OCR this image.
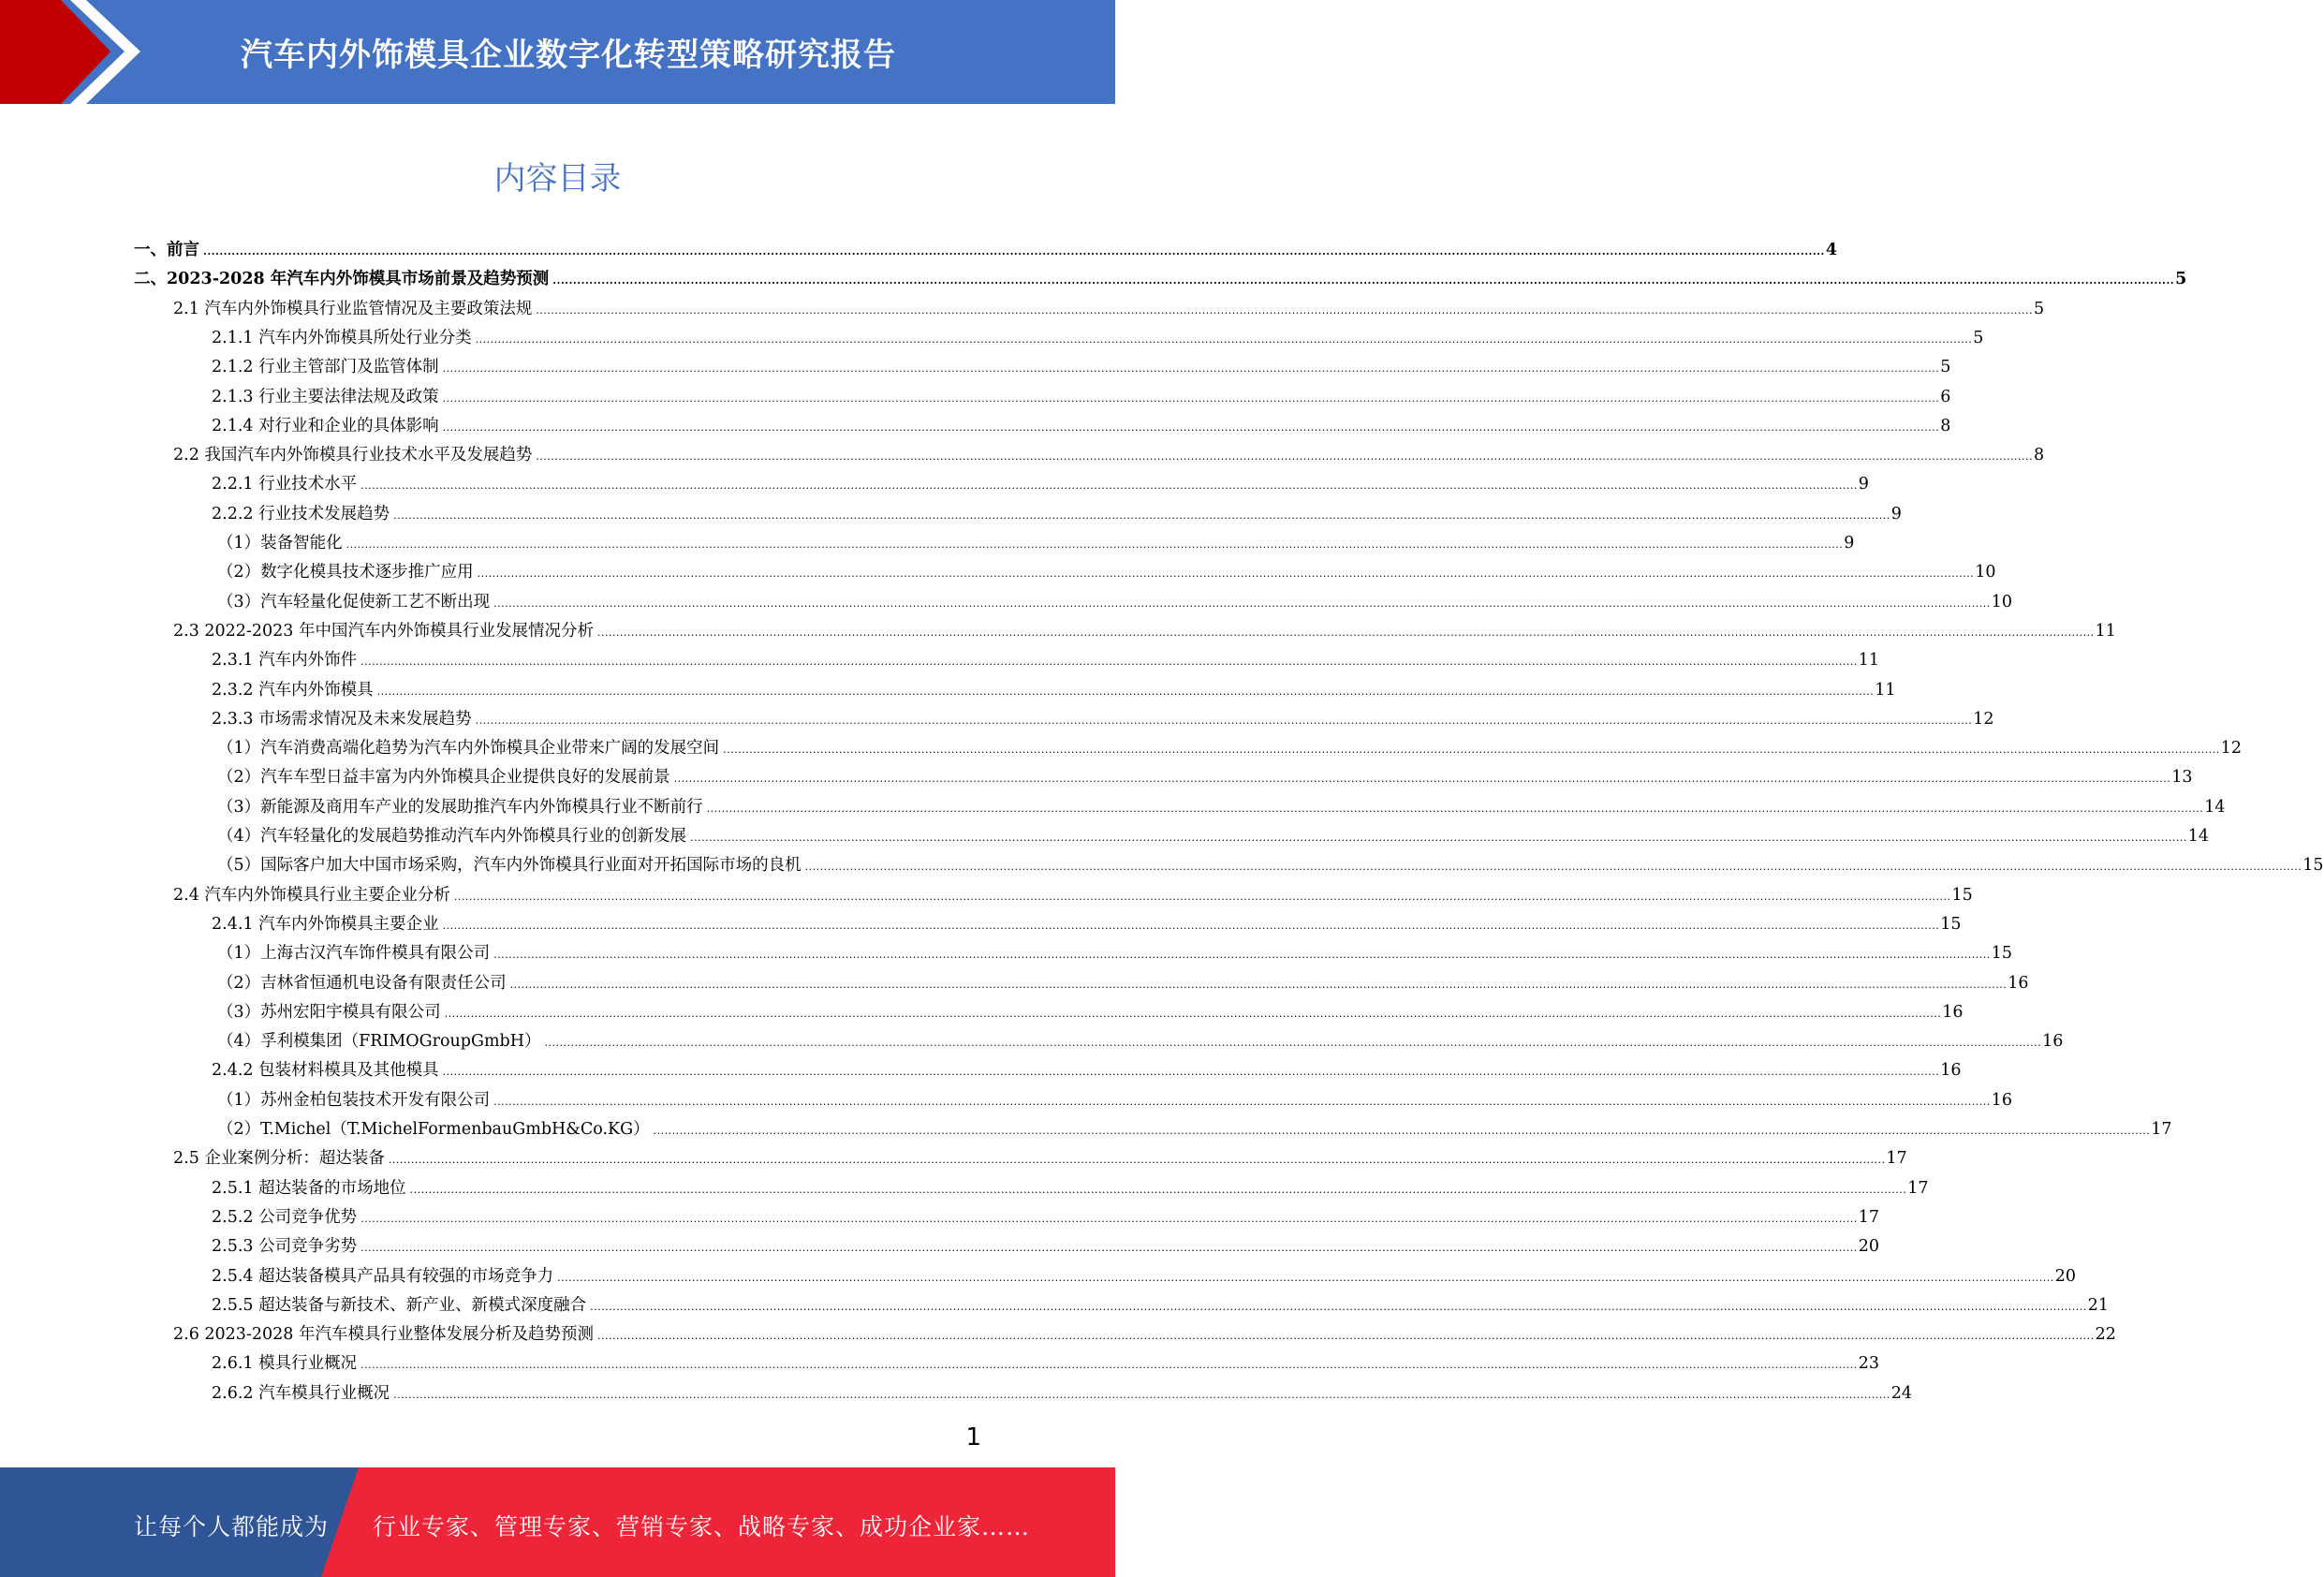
汽车内外饰模具企业数字化转型策略研究报告
内容目录
一、前言 ................................................................................................................................................................................................................................................................................................................................................................................................................ 4
二、2023-2028 年汽车内外饰模具市场前景及趋势预测 ................................................................................................................................................................................................................................................................................................................................................................................................................ 5
2.1 汽车内外饰模具行业监管情况及主要政策法规 ................................................................................................................................................................................................................................................................................................................................................................................................................ 5
2.1.1 汽车内外饰模具所处行业分类 ................................................................................................................................................................................................................................................................................................................................................................................................................ 5
2.1.2 行业主管部门及监管体制 ................................................................................................................................................................................................................................................................................................................................................................................................................ 5
2.1.3 行业主要法律法规及政策 ................................................................................................................................................................................................................................................................................................................................................................................................................ 6
2.1.4 对行业和企业的具体影响 ................................................................................................................................................................................................................................................................................................................................................................................................................ 8
2.2 我国汽车内外饰模具行业技术水平及发展趋势 ................................................................................................................................................................................................................................................................................................................................................................................................................ 8
2.2.1 行业技术水平 ................................................................................................................................................................................................................................................................................................................................................................................................................ 9
2.2.2 行业技术发展趋势 ................................................................................................................................................................................................................................................................................................................................................................................................................ 9
（1）装备智能化 ................................................................................................................................................................................................................................................................................................................................................................................................................ 9
（2）数字化模具技术逐步推广应用 ................................................................................................................................................................................................................................................................................................................................................................................................................ 10
（3）汽车轻量化促使新工艺不断出现 ................................................................................................................................................................................................................................................................................................................................................................................................................ 10
2.3 2022-2023 年中国汽车内外饰模具行业发展情况分析 ................................................................................................................................................................................................................................................................................................................................................................................................................ 11
2.3.1 汽车内外饰件 ................................................................................................................................................................................................................................................................................................................................................................................................................ 11
2.3.2 汽车内外饰模具 ................................................................................................................................................................................................................................................................................................................................................................................................................ 11
2.3.3 市场需求情况及未来发展趋势 ................................................................................................................................................................................................................................................................................................................................................................................................................ 12
（1）汽车消费高端化趋势为汽车内外饰模具企业带来广阔的发展空间 ................................................................................................................................................................................................................................................................................................................................................................................................................ 12
（2）汽车车型日益丰富为内外饰模具企业提供良好的发展前景 ................................................................................................................................................................................................................................................................................................................................................................................................................ 13
（3）新能源及商用车产业的发展助推汽车内外饰模具行业不断前行 ................................................................................................................................................................................................................................................................................................................................................................................................................ 14
（4）汽车轻量化的发展趋势推动汽车内外饰模具行业的创新发展 ................................................................................................................................................................................................................................................................................................................................................................................................................ 14
（5）国际客户加大中国市场采购，汽车内外饰模具行业面对开拓国际市场的良机 ................................................................................................................................................................................................................................................................................................................................................................................................................ 15
2.4 汽车内外饰模具行业主要企业分析 ................................................................................................................................................................................................................................................................................................................................................................................................................ 15
2.4.1 汽车内外饰模具主要企业 ................................................................................................................................................................................................................................................................................................................................................................................................................ 15
（1）上海古汉汽车饰件模具有限公司 ................................................................................................................................................................................................................................................................................................................................................................................................................ 15
（2）吉林省恒通机电设备有限责任公司 ................................................................................................................................................................................................................................................................................................................................................................................................................ 16
（3）苏州宏阳宇模具有限公司 ................................................................................................................................................................................................................................................................................................................................................................................................................ 16
（4）孚利模集团（FRIMOGroupGmbH） ................................................................................................................................................................................................................................................................................................................................................................................................................ 16
2.4.2 包装材料模具及其他模具 ................................................................................................................................................................................................................................................................................................................................................................................................................ 16
（1）苏州金柏包装技术开发有限公司 ................................................................................................................................................................................................................................................................................................................................................................................................................ 16
（2）T.Michel（T.MichelFormenbauGmbH&Co.KG） ................................................................................................................................................................................................................................................................................................................................................................................................................ 17
2.5 企业案例分析：超达装备 ................................................................................................................................................................................................................................................................................................................................................................................................................ 17
2.5.1 超达装备的市场地位 ................................................................................................................................................................................................................................................................................................................................................................................................................ 17
2.5.2 公司竞争优势 ................................................................................................................................................................................................................................................................................................................................................................................................................ 17
2.5.3 公司竞争劣势 ................................................................................................................................................................................................................................................................................................................................................................................................................ 20
2.5.4 超达装备模具产品具有较强的市场竞争力 ................................................................................................................................................................................................................................................................................................................................................................................................................ 20
2.5.5 超达装备与新技术、新产业、新模式深度融合 ................................................................................................................................................................................................................................................................................................................................................................................................................ 21
2.6 2023-2028 年汽车模具行业整体发展分析及趋势预测 ................................................................................................................................................................................................................................................................................................................................................................................................................ 22
2.6.1 模具行业概况 ................................................................................................................................................................................................................................................................................................................................................................................................................ 23
2.6.2 汽车模具行业概况 ................................................................................................................................................................................................................................................................................................................................................................................................................ 24
1
让每个人都能成为 行业专家、管理专家、营销专家、战略专家、成功企业家……
